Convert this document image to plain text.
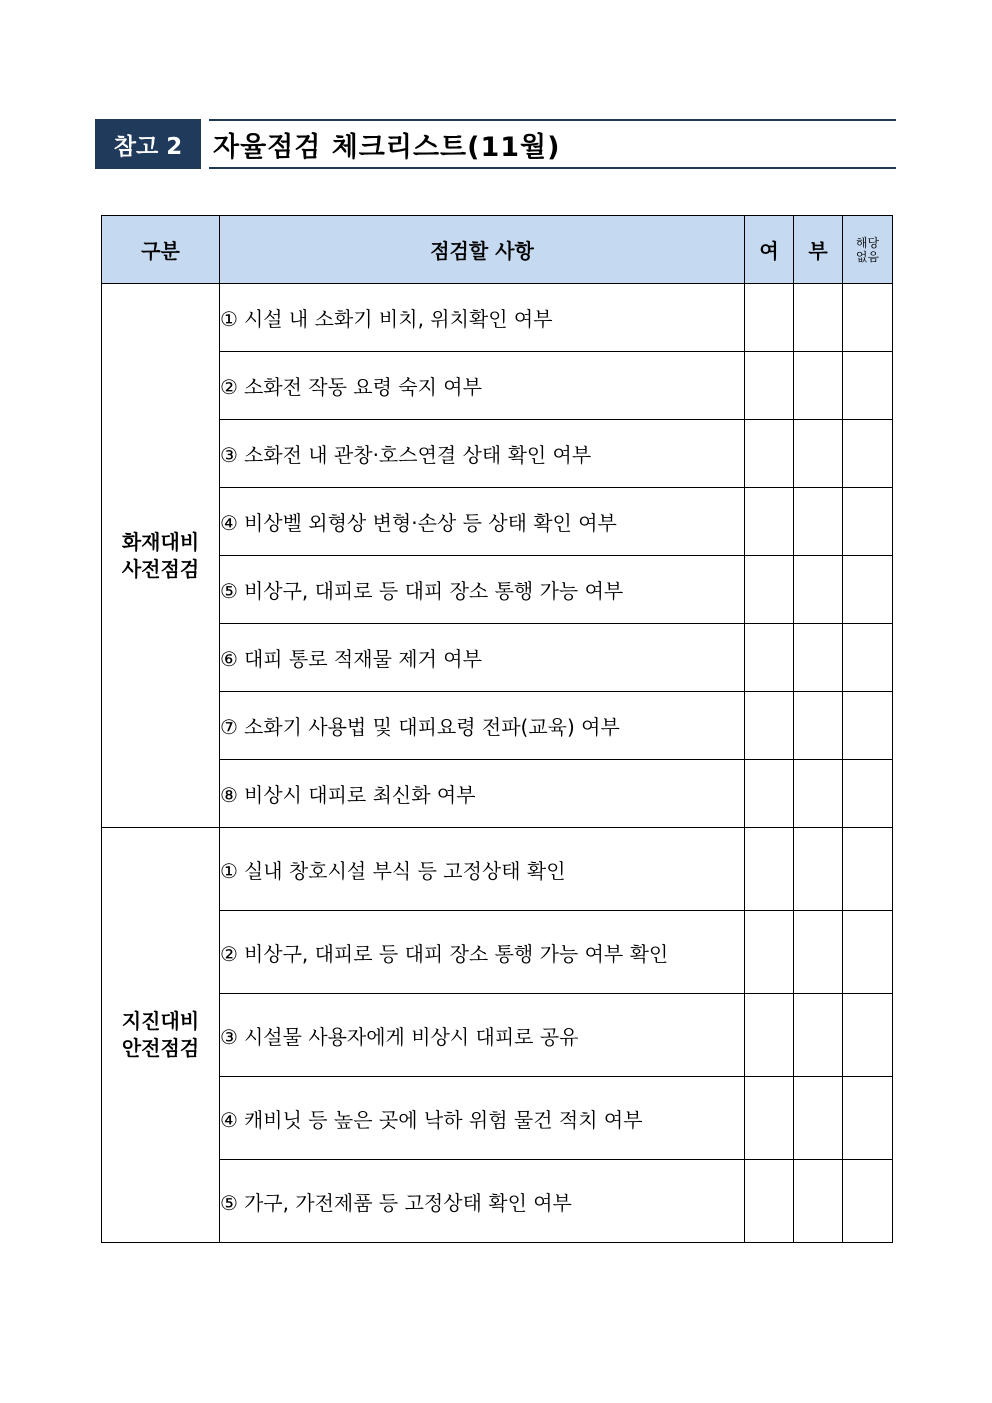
참고 2	자율점검 체크리스트(11월)
구분	점검할 사항	여	부	해당
없음
화재대비
사전점검	① 시설 내 소화기 비치, 위치확인 여부			
	② 소화전 작동 요령 숙지 여부			
	③ 소화전 내 관창·호스연결 상태 확인 여부			
	④ 비상벨 외형상 변형·손상 등 상태 확인 여부			
	⑤ 비상구, 대피로 등 대피 장소 통행 가능 여부			
	⑥ 대피 통로 적재물 제거 여부			
	⑦ 소화기 사용법 및 대피요령 전파(교육) 여부			
	⑧ 비상시 대피로 최신화 여부			
지진대비
안전점검	① 실내 창호시설 부식 등 고정상태 확인			
	② 비상구, 대피로 등 대피 장소 통행 가능 여부 확인			
	③ 시설물 사용자에게 비상시 대피로 공유			
	④ 캐비닛 등 높은 곳에 낙하 위험 물건 적치 여부			
	⑤ 가구, 가전제품 등 고정상태 확인 여부			
